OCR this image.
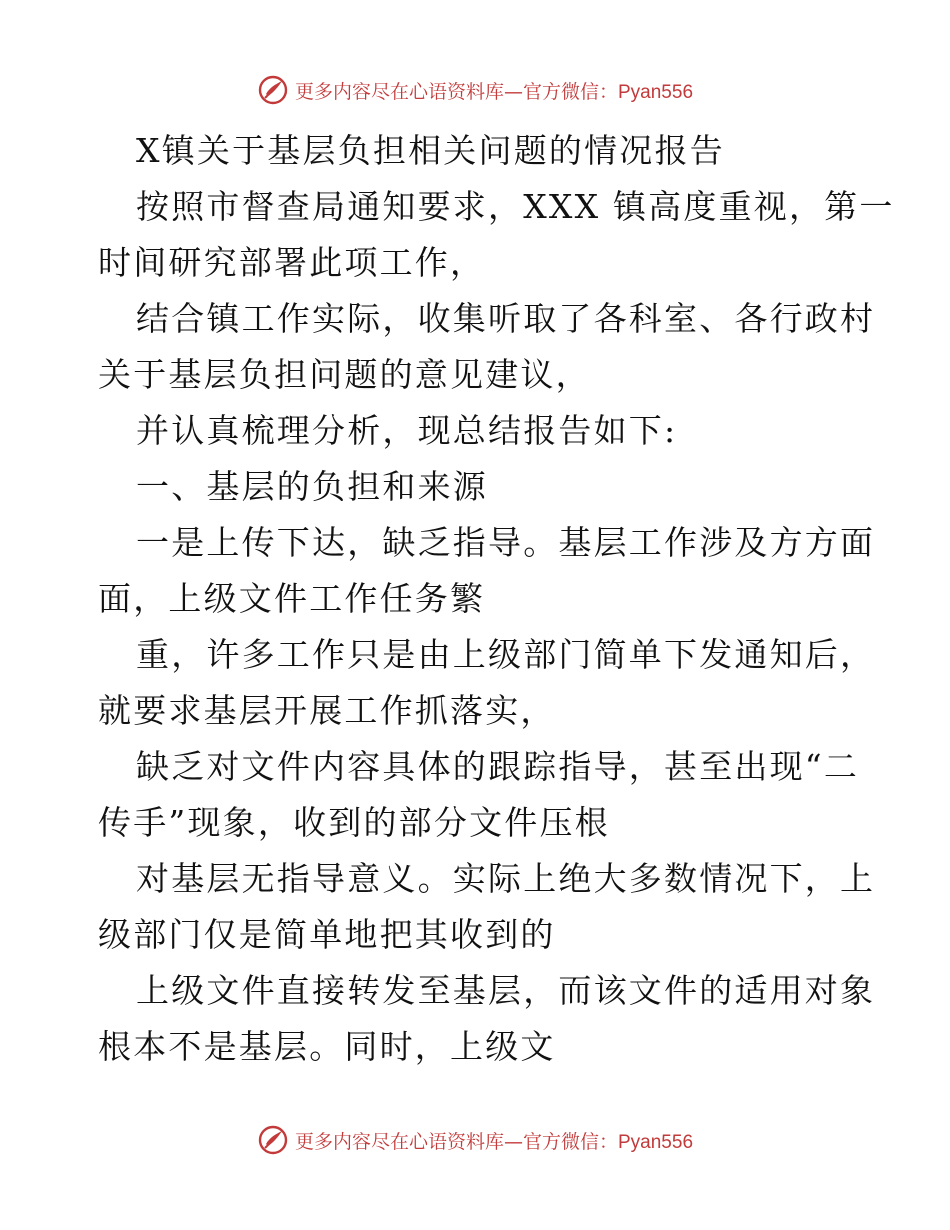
更多内容尽在心语资料库—官方微信：Pyan556
X镇关于基层负担相关问题的情况报告
按照市督查局通知要求，XXX 镇高度重视，第一
时间研究部署此项工作，
结合镇工作实际，收集听取了各科室、各行政村
关于基层负担问题的意见建议，
并认真梳理分析，现总结报告如下:
一、基层的负担和来源
一是上传下达，缺乏指导。基层工作涉及方方面
面，上级文件工作任务繁
重，许多工作只是由上级部门简单下发通知后，
就要求基层开展工作抓落实，
缺乏对文件内容具体的跟踪指导，甚至出现“二
传手”现象，收到的部分文件压根
对基层无指导意义。实际上绝大多数情况下，上
级部门仅是简单地把其收到的
上级文件直接转发至基层，而该文件的适用对象
根本不是基层。同时，上级文
更多内容尽在心语资料库—官方微信：Pyan556
